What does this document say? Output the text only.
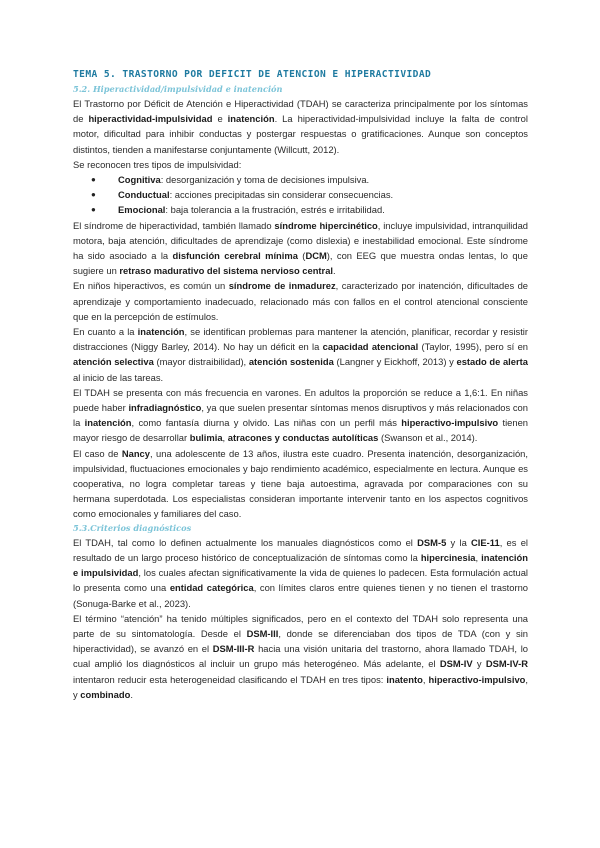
TEMA 5. TRASTORNO POR DEFICIT DE ATENCION E HIPERACTIVIDAD
5.2. Hiperactividad/impulsividad e inatención

El Trastorno por Déficit de Atención e Hiperactividad (TDAH) se caracteriza principalmente por los síntomas de hiperactividad-impulsividad e inatención. La hiperactividad-impulsividad incluye la falta de control motor, dificultad para inhibir conductas y postergar respuestas o gratificaciones. Aunque son conceptos distintos, tienden a manifestarse conjuntamente (Willcutt, 2012).

Se reconocen tres tipos de impulsividad:

● Cognitiva: desorganización y toma de decisiones impulsiva.
● Conductual: acciones precipitadas sin considerar consecuencias.
● Emocional: baja tolerancia a la frustración, estrés e irritabilidad.

El síndrome de hiperactividad, también llamado síndrome hipercinético, incluye impulsividad, intranquilidad motora, baja atención, dificultades de aprendizaje (como dislexia) e inestabilidad emocional. Este síndrome ha sido asociado a la disfunción cerebral mínima (DCM), con EEG que muestra ondas lentas, lo que sugiere un retraso madurativo del sistema nervioso central.

En niños hiperactivos, es común un síndrome de inmadurez, caracterizado por inatención, dificultades de aprendizaje y comportamiento inadecuado, relacionado más con fallos en el control atencional consciente que en la percepción de estímulos.

En cuanto a la inatención, se identifican problemas para mantener la atención, planificar, recordar y resistir distracciones (Niggy Barley, 2014). No hay un déficit en la capacidad atencional (Taylor, 1995), pero sí en atención selectiva (mayor distraibilidad), atención sostenida (Langner y Eickhoff, 2013) y estado de alerta al inicio de las tareas.

El TDAH se presenta con más frecuencia en varones. En adultos la proporción se reduce a 1,6:1. En niñas puede haber infradiagnóstico, ya que suelen presentar síntomas menos disruptivos y más relacionados con la inatención, como fantasía diurna y olvido. Las niñas con un perfil más hiperactivo-impulsivo tienen mayor riesgo de desarrollar bulimia, atracones y conductas autolíticas (Swanson et al., 2014).

El caso de Nancy, una adolescente de 13 años, ilustra este cuadro. Presenta inatención, desorganización, impulsividad, fluctuaciones emocionales y bajo rendimiento académico, especialmente en lectura. Aunque es cooperativa, no logra completar tareas y tiene baja autoestima, agravada por comparaciones con su hermana superdotada. Los especialistas consideran importante intervenir tanto en los aspectos cognitivos como emocionales y familiares del caso.

5.3.Criterios diagnósticos

El TDAH, tal como lo definen actualmente los manuales diagnósticos como el DSM-5 y la CIE-11, es el resultado de un largo proceso histórico de conceptualización de síntomas como la hipercinesia, inatención e impulsividad, los cuales afectan significativamente la vida de quienes lo padecen. Esta formulación actual lo presenta como una entidad categórica, con límites claros entre quienes tienen y no tienen el trastorno (Sonuga-Barke et al., 2023).

El término “atención” ha tenido múltiples significados, pero en el contexto del TDAH solo representa una parte de su sintomatología. Desde el DSM-III, donde se diferenciaban dos tipos de TDA (con y sin hiperactividad), se avanzó en el DSM-III-R hacia una visión unitaria del trastorno, ahora llamado TDAH, lo cual amplió los diagnósticos al incluir un grupo más heterogéneo. Más adelante, el DSM-IV y DSM-IV-R intentaron reducir esta heterogeneidad clasificando el TDAH en tres tipos: inatento, hiperactivo-impulsivo, y combinado.
